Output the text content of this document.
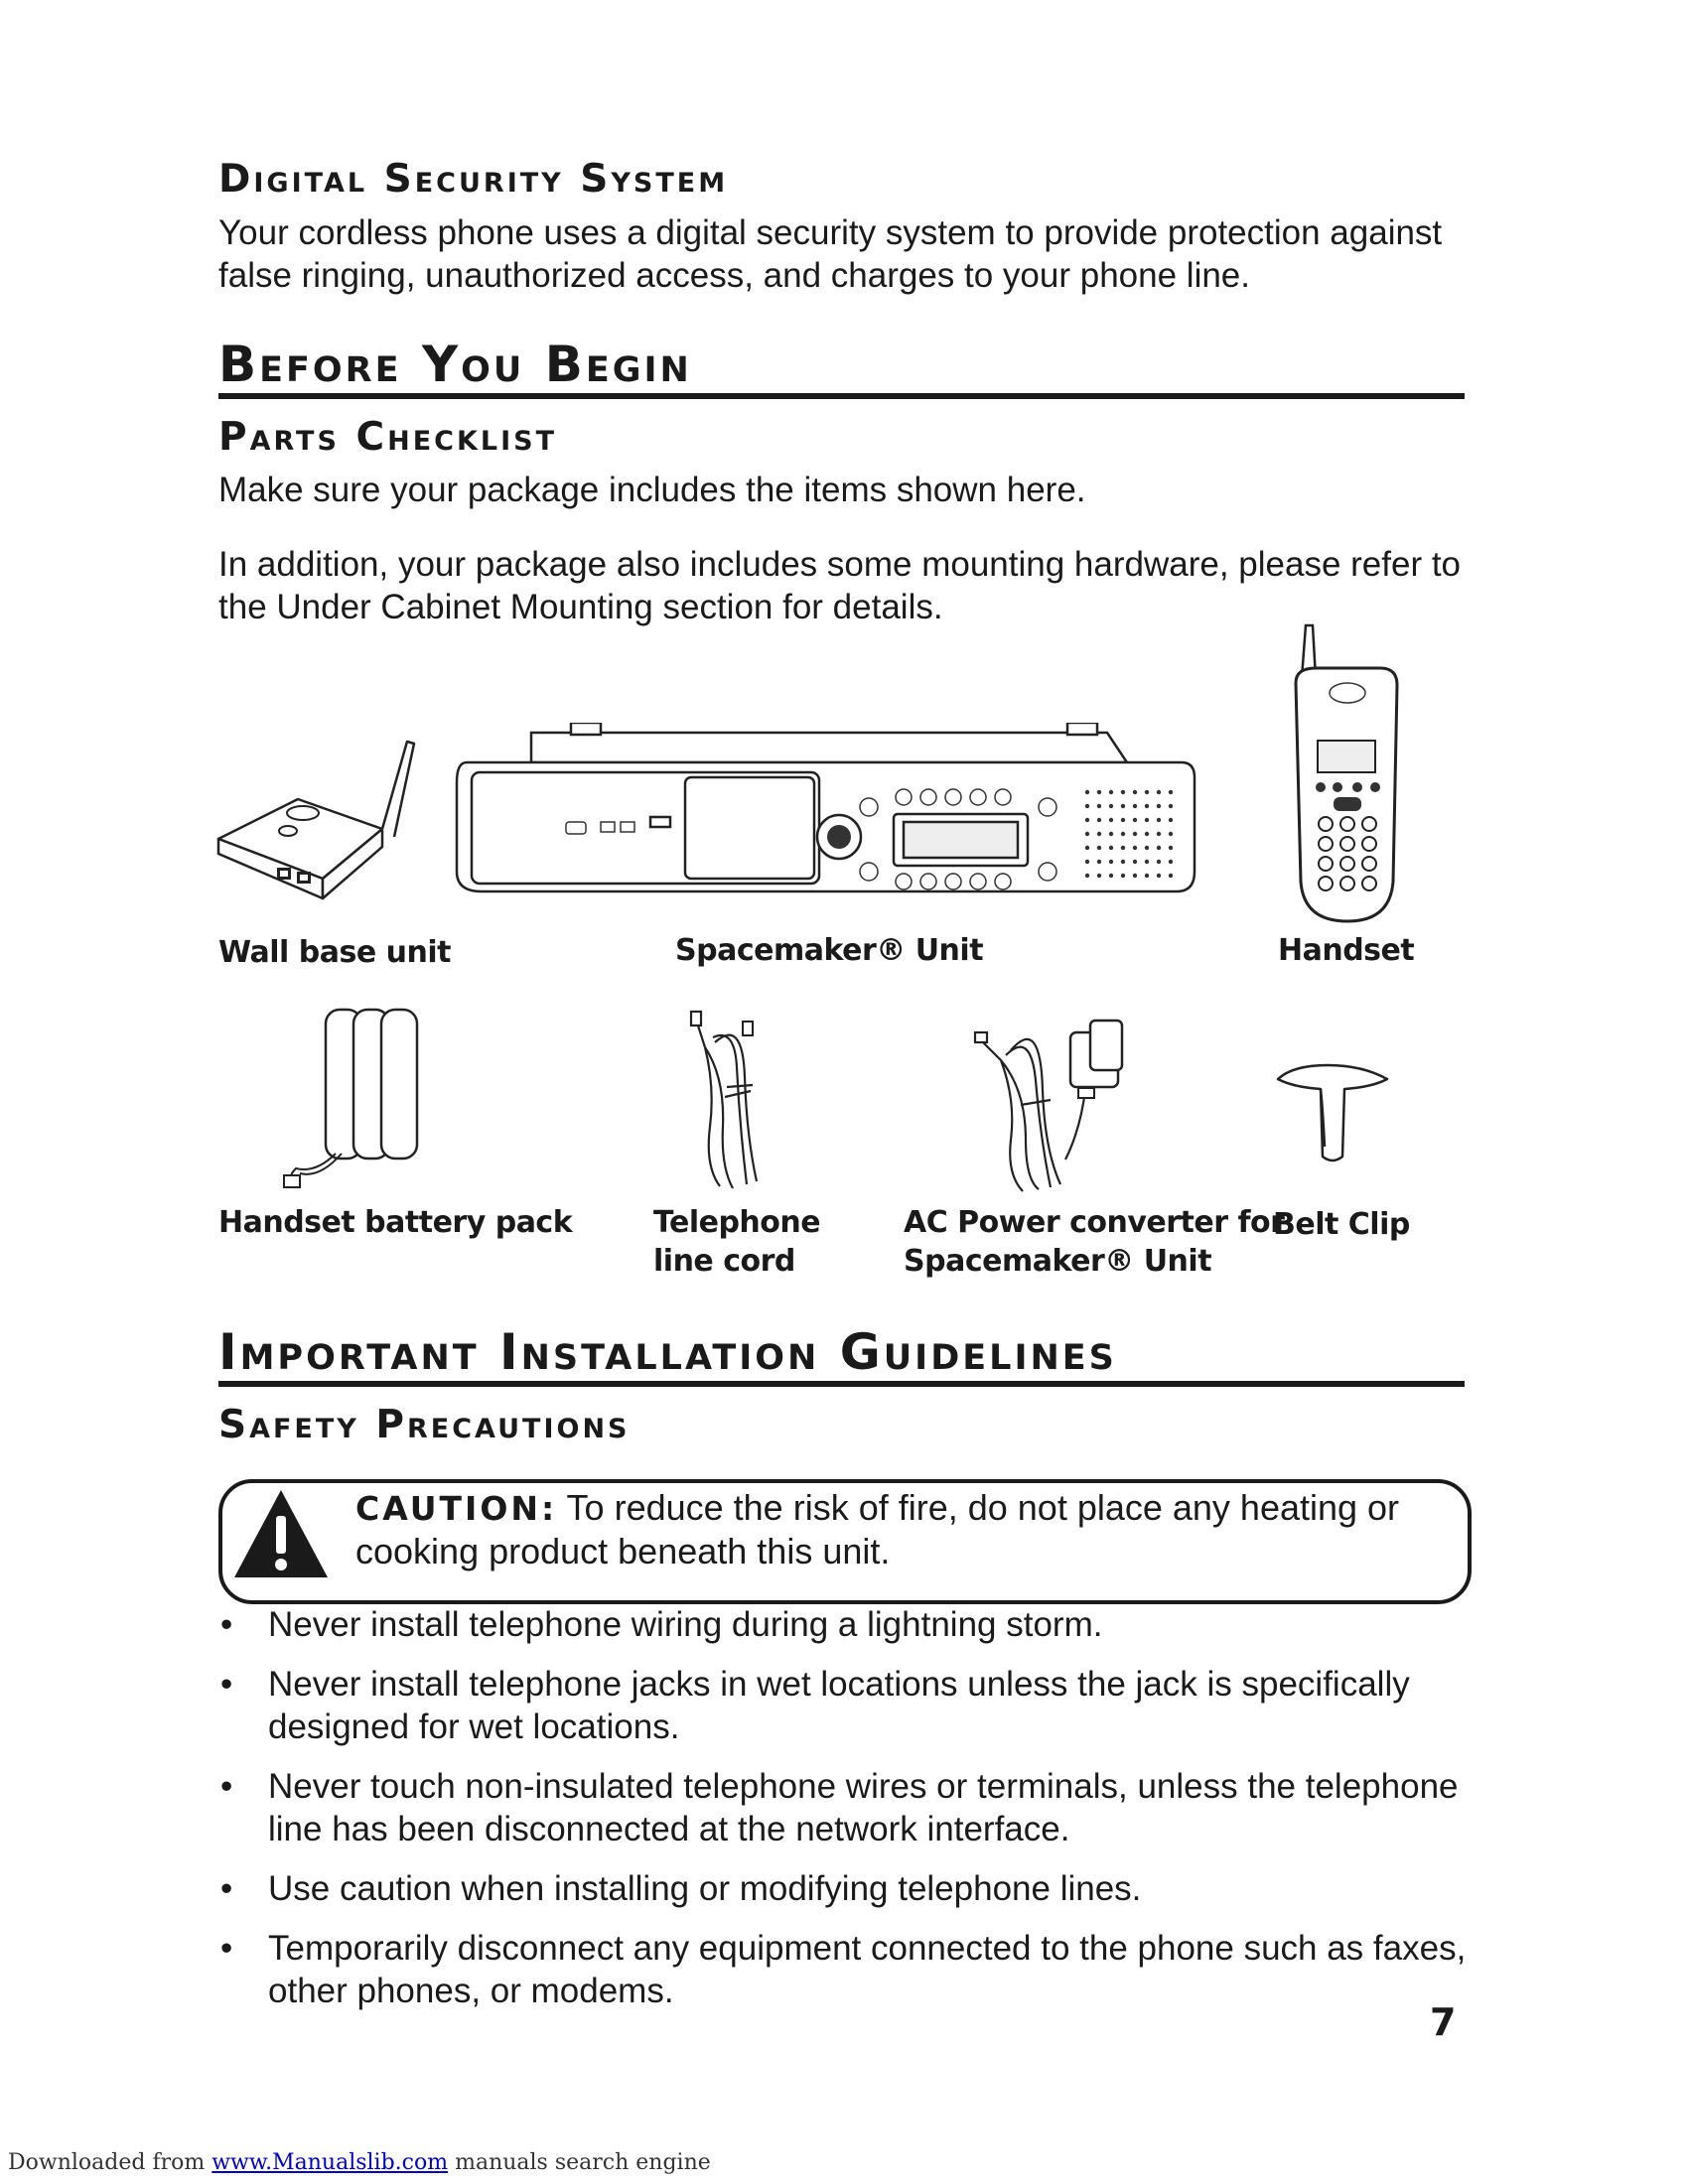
Digital Security System

Your cordless phone uses a digital security system to provide protection against false ringing, unauthorized access, and charges to your phone line.

Before You Begin
Parts Checklist

Make sure your package includes the items shown here.

In addition, your package also includes some mounting hardware, please refer to the Under Cabinet Mounting section for details.

Wall base unit	Spacemaker® Unit	Handset
Handset battery pack	Telephone
line cord
AC Power converter for
Spacemaker® Unit
Belt Clip
Important Installation Guidelines
Safety Precautions

CAUTION: To reduce the risk of fire, do not place any heating or cooking product beneath this unit.

• Never install telephone wiring during a lightning storm.
• Never install telephone jacks in wet locations unless the jack is specifically designed for wet locations.
• Never touch non-insulated telephone wires or terminals, unless the telephone line has been disconnected at the network interface.
• Use caution when installing or modifying telephone lines.
• Temporarily disconnect any equipment connected to the phone such as faxes, other phones, or modems.
7
Downloaded from www.Manualslib.com manuals search engine
